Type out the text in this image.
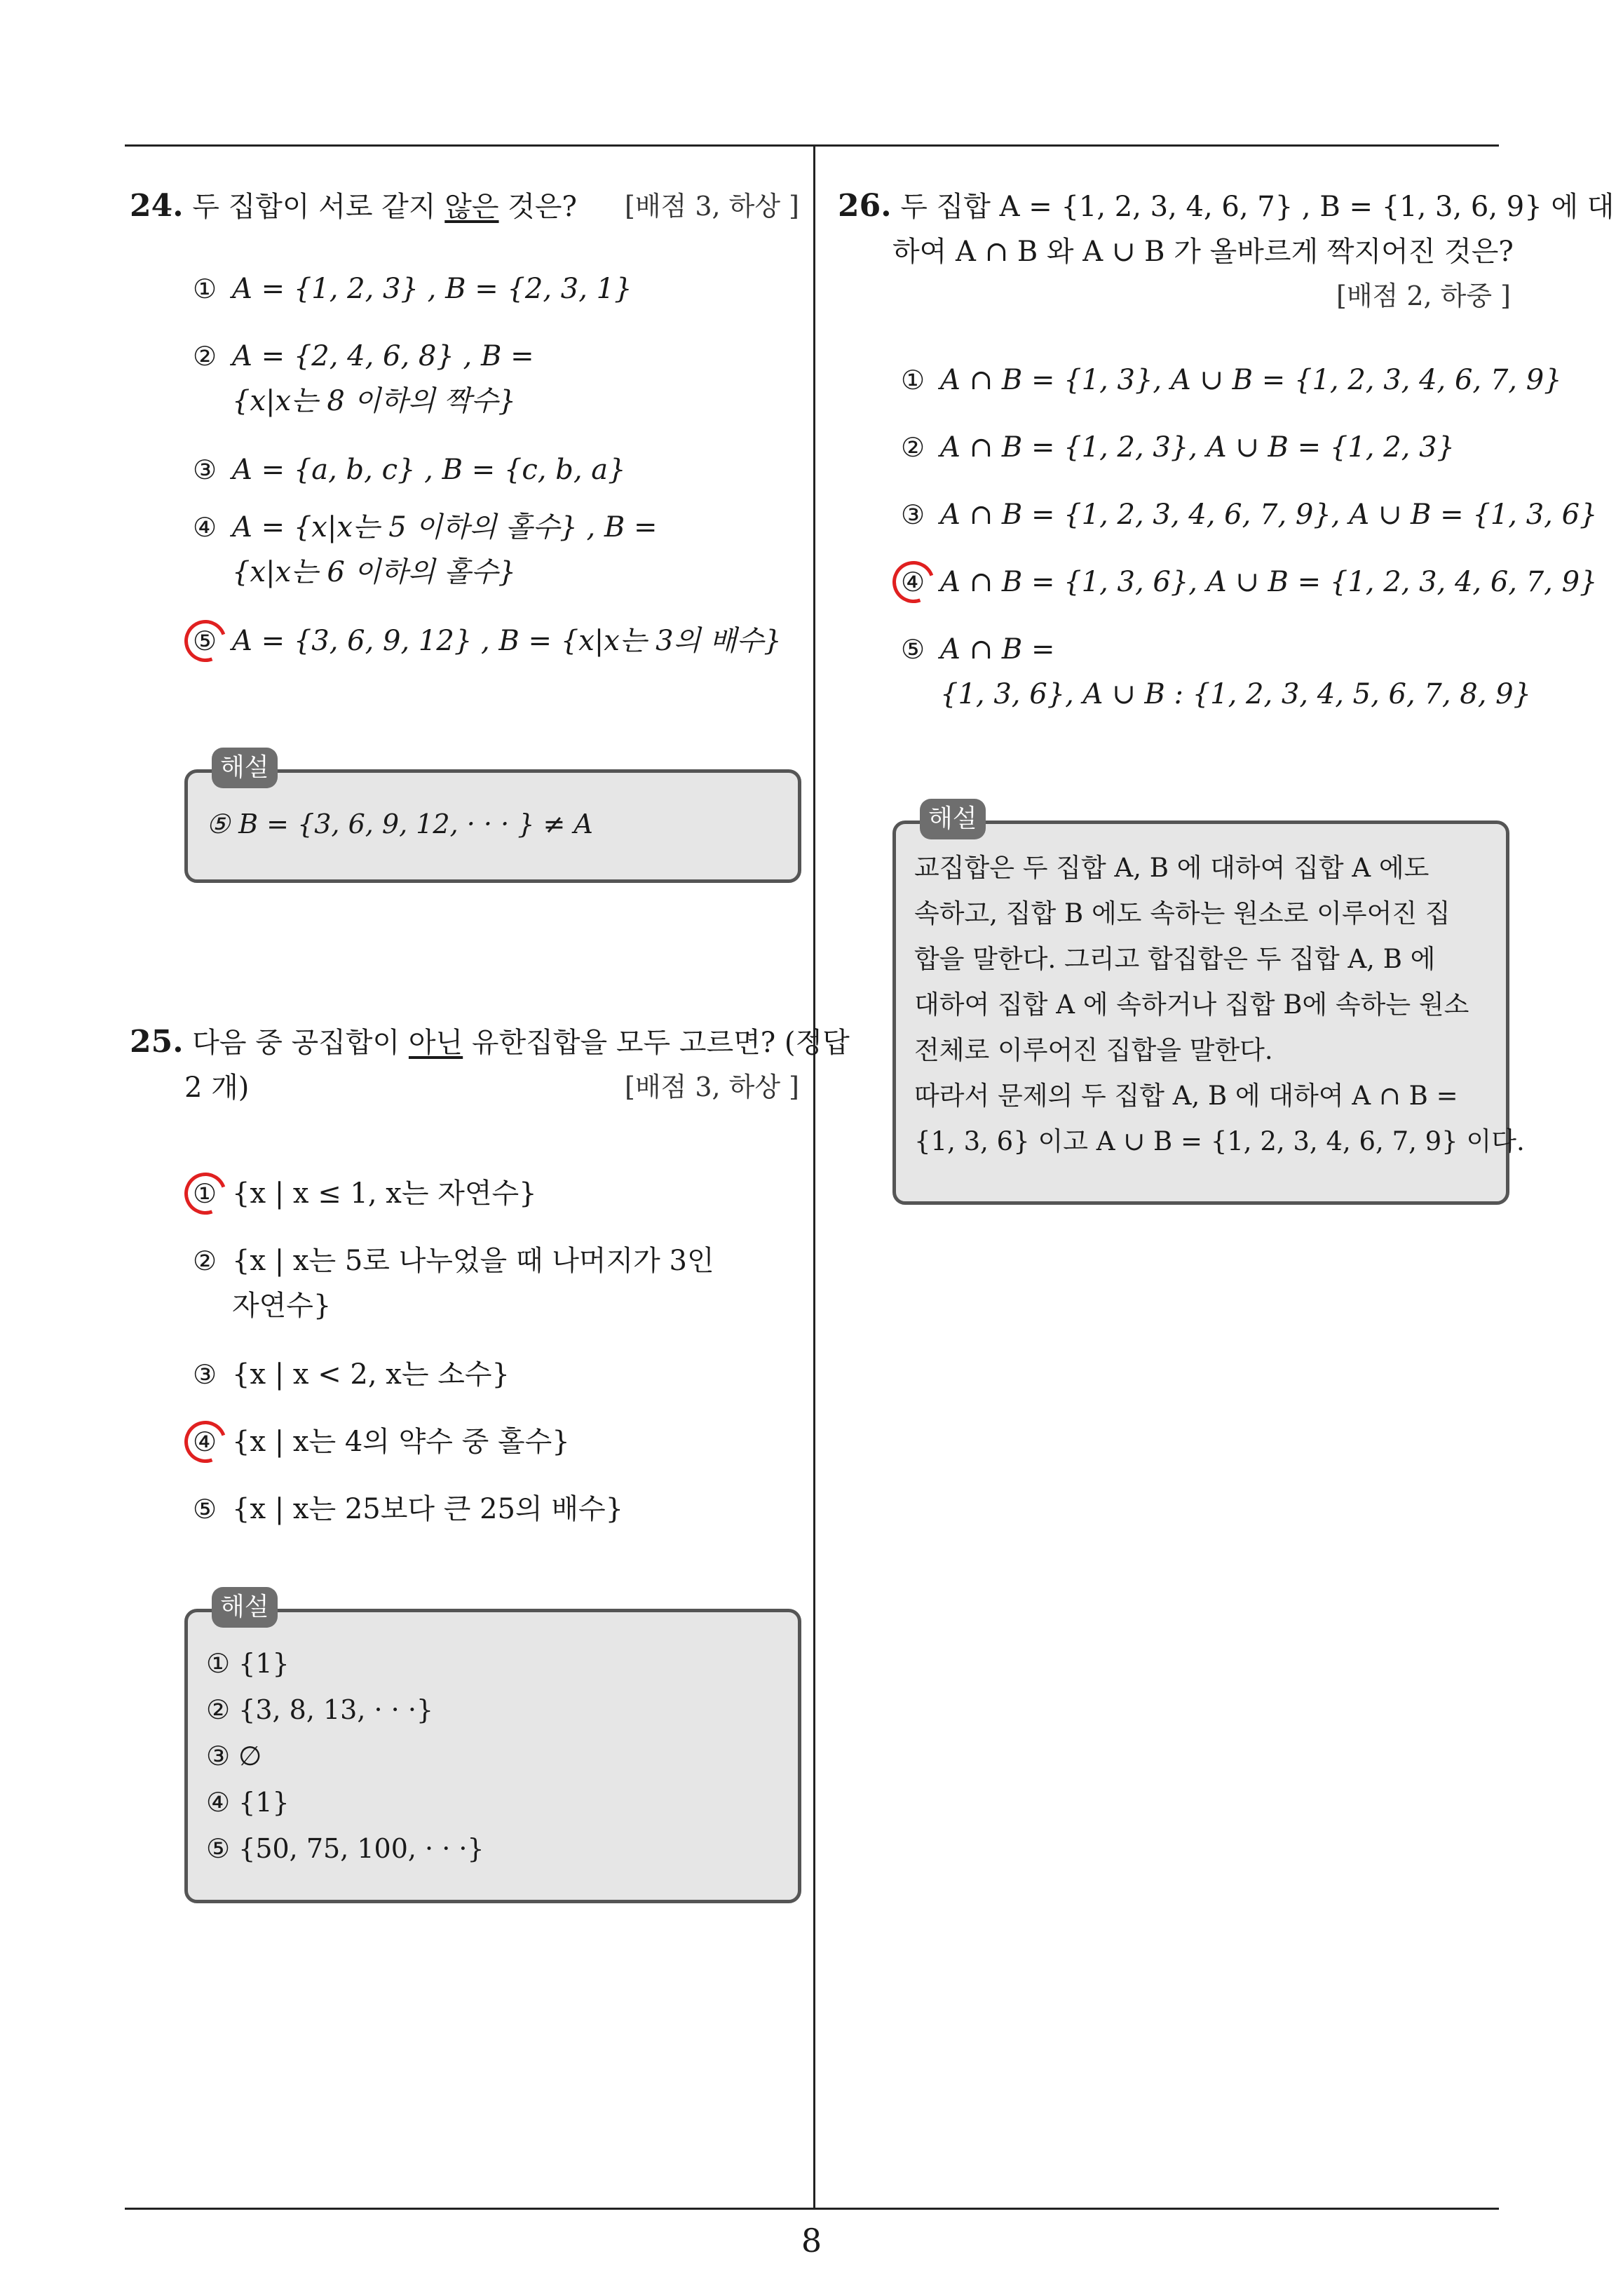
8
24. 두 집합이 서로 같지 않은 것은?	[배점 3, 하상 ]
① A = {1, 2, 3} , B = {2, 3, 1}
② A = {2, 4, 6, 8} , B =
{x|x는 8 이하의 짝수}
③ A = {a, b, c} , B = {c, b, a}
④ A = {x|x는 5 이하의 홀수} , B =
{x|x는 6 이하의 홀수}
⑤ A = {3, 6, 9, 12} , B = {x|x는 3의 배수}
해설
⑤ B = {3, 6, 9, 12, · · · } ≠ A
25. 다음 중 공집합이 아닌 유한집합을 모두 고르면? (정답
2 개)	[배점 3, 하상 ]
① {x | x ≤ 1, x는 자연수}
② {x | x는 5로 나누었을 때 나머지가 3인
자연수}
③ {x | x < 2, x는 소수}
④ {x | x는 4의 약수 중 홀수}
⑤ {x | x는 25보다 큰 25의 배수}
해설
① {1}
② {3, 8, 13, · · ·}
③ ∅
④ {1}
⑤ {50, 75, 100, · · ·}
26. 두 집합 A = {1, 2, 3, 4, 6, 7} , B = {1, 3, 6, 9} 에 대
하여 A ∩ B 와 A ∪ B 가 올바르게 짝지어진 것은?
[배점 2, 하중 ]
① A ∩ B = {1, 3}, A ∪ B = {1, 2, 3, 4, 6, 7, 9}
② A ∩ B = {1, 2, 3}, A ∪ B = {1, 2, 3}
③ A ∩ B = {1, 2, 3, 4, 6, 7, 9}, A ∪ B = {1, 3, 6}
④ A ∩ B = {1, 3, 6}, A ∪ B = {1, 2, 3, 4, 6, 7, 9}
⑤ A ∩ B =
{1, 3, 6}, A ∪ B : {1, 2, 3, 4, 5, 6, 7, 8, 9}
해설
교집합은 두 집합 A, B 에 대하여 집합 A 에도
속하고, 집합 B 에도 속하는 원소로 이루어진 집
합을 말한다. 그리고 합집합은 두 집합 A, B 에
대하여 집합 A 에 속하거나 집합 B에 속하는 원소
전체로 이루어진 집합을 말한다.
따라서 문제의 두 집합 A, B 에 대하여 A ∩ B =
{1, 3, 6} 이고 A ∪ B = {1, 2, 3, 4, 6, 7, 9} 이다.
